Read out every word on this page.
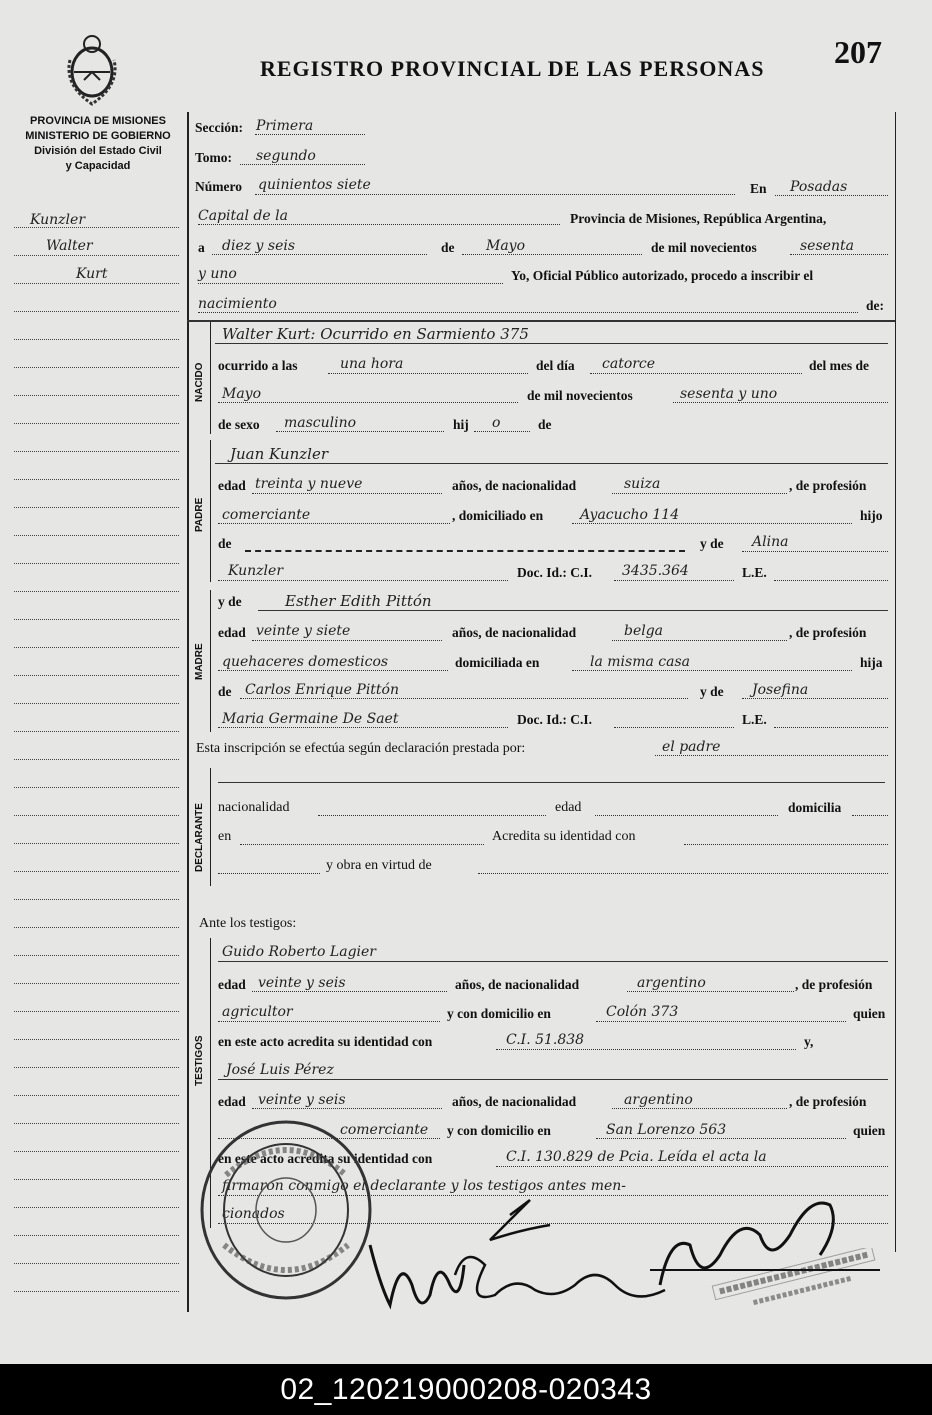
REGISTRO PROVINCIAL DE LAS PERSONAS 207
PROVINCIA DE MISIONES
MINISTERIO DE GOBIERNO
División del Estado Civil
y Capacidad
Kunzler
Walter
Kurt
Sección: Primera
Tomo: segundo
Número quinientos siete	En Posadas
Capital de la	Provincia de Misiones, República Argentina,
a diez y seis	de Mayo	de mil novecientos	sesenta
y uno	Yo, Oficial Público autorizado, procedo a inscribir el
nacimiento	de:
NACIDO
Walter Kurt: Ocurrido en Sarmiento 375
ocurrido a las	una hora	del día catorce	del mes de
Mayo	de mil novecientos	sesenta y uno
de sexo masculino	hij o	de
PADRE
Juan Kunzler
edad treinta y nueve	años, de nacionalidad	suiza	, de profesión
comerciante	, domiciliado en	Ayacucho 114	hijo
de	y de Alina
Kunzler	Doc. Id.: C.I. 3435.364	L.E.
MADRE
y de	Esther Edith Pittón
edad veinte y siete	años, de nacionalidad	belga	, de profesión
quehaceres domesticos	domiciliada en	la misma casa	hija
de Carlos Enrique Pittón	y de Josefina
Maria Germaine De Saet	Doc. Id.: C.I.	L.E.
Esta inscripción se efectúa según declaración prestada por:	el padre
DECLARANTE nacionalidad	edad	domicilia
en	Acredita su identidad con
y obra en virtud de
Ante los testigos:
TESTIGOS
Guido Roberto Lagier
edad veinte y seis	años, de nacionalidad	argentino	, de profesión
agricultor	y con domicilio en	Colón 373	quien
en este acto acredita su identidad con	C.I. 51.838	y,
José Luis Pérez
edad veinte y seis	años, de nacionalidad	argentino	, de profesión
comerciante y con domicilio en	San Lorenzo 563	quien
en este acto acredita su identidad con	C.I. 130.829 de Pcia. Leída el acta la
firmaron conmigo el declarante y los testigos antes men-
cionados
02_120219000208-020343
